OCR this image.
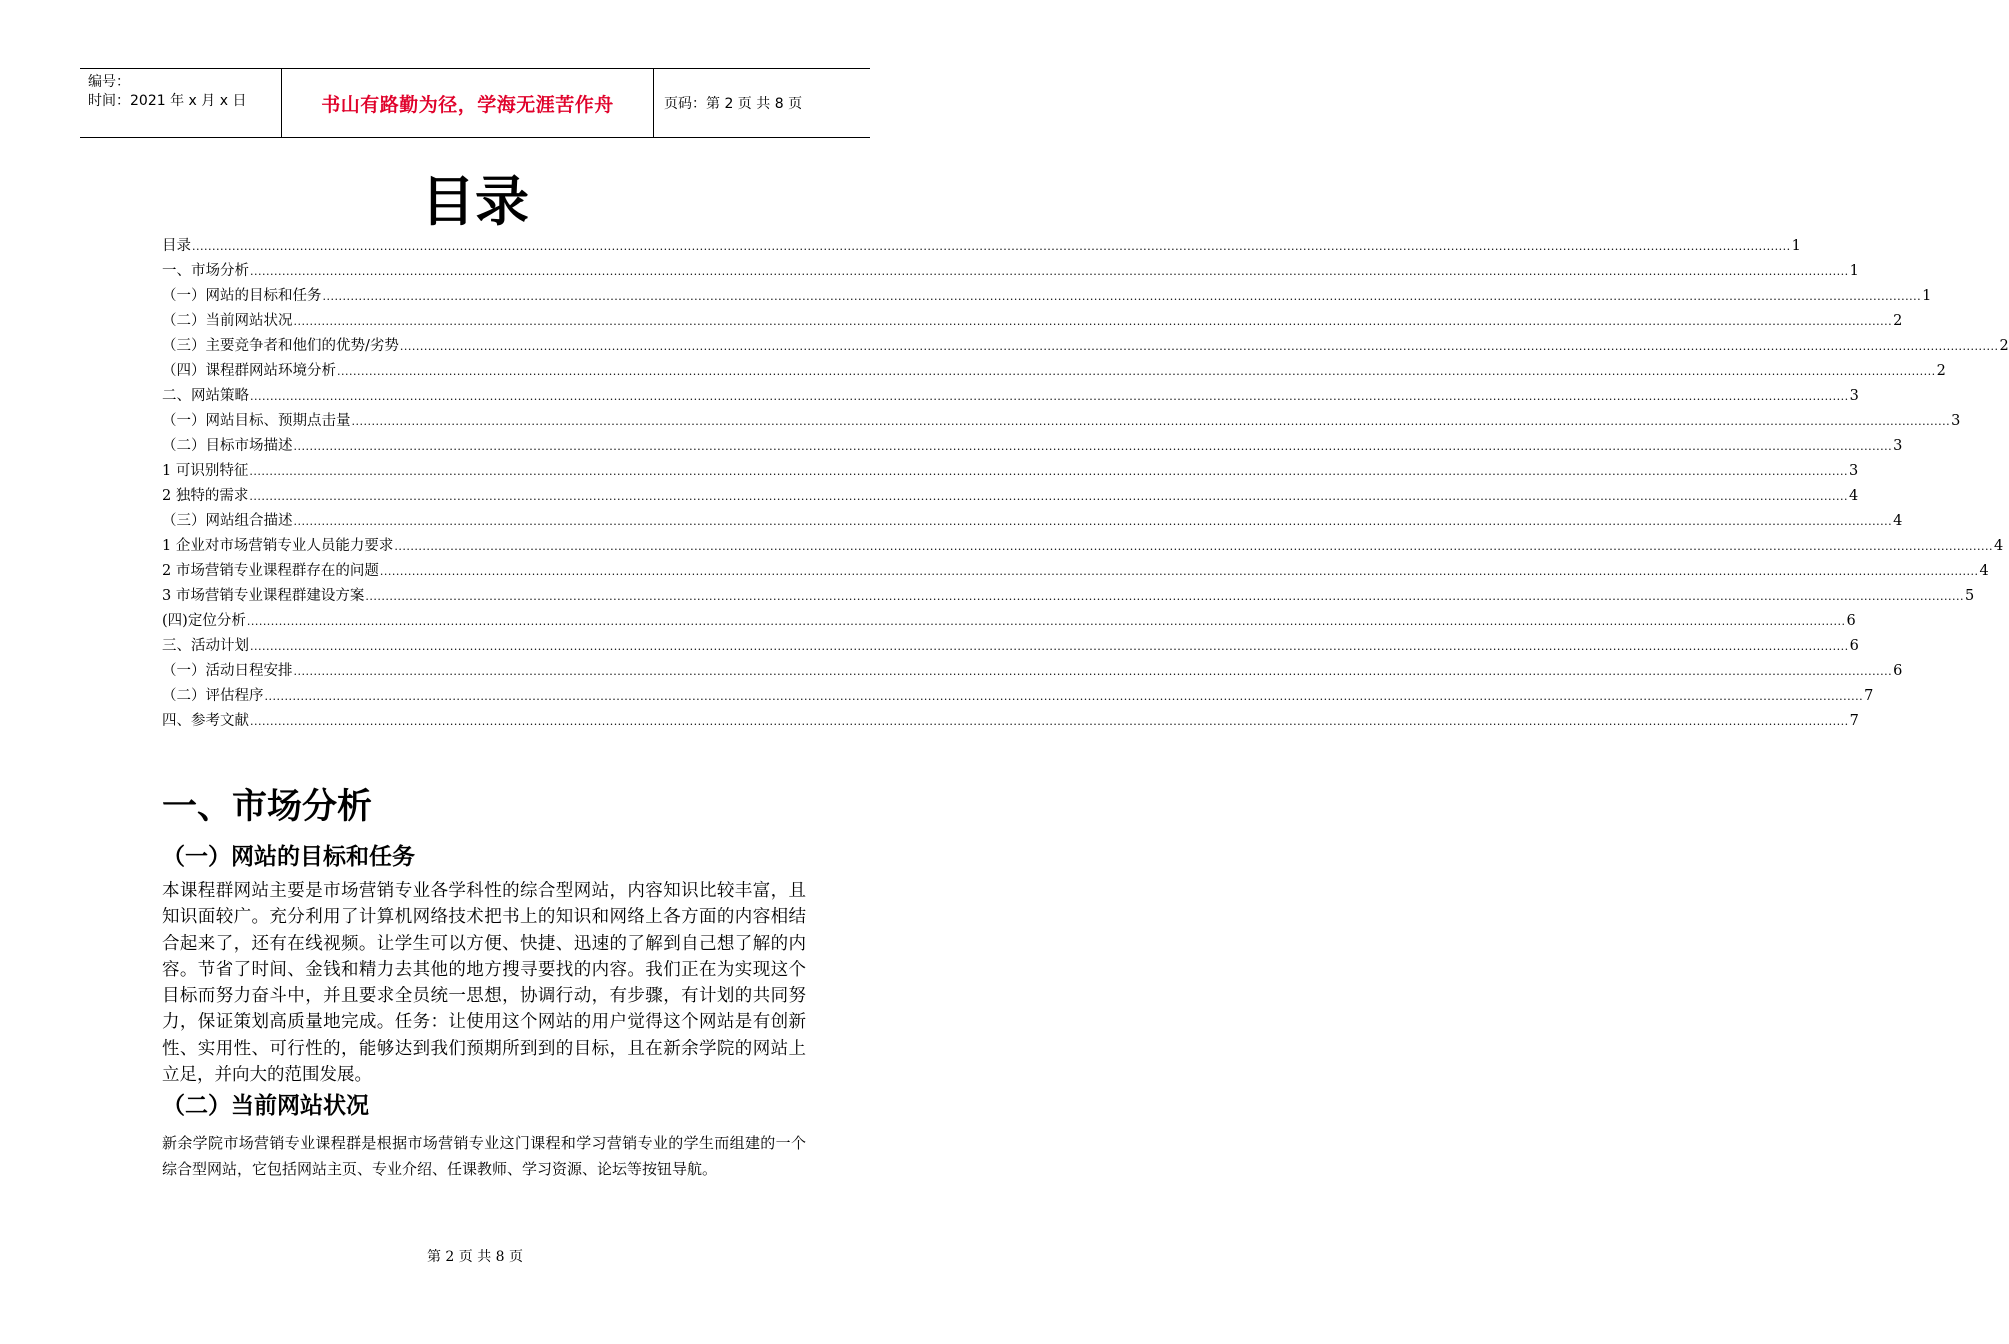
编号：
时间：2021 年 x 月 x 日	书山有路勤为径，学海无涯苦作舟	页码：第 2 页 共 8 页
目录
目录 ................................................................................................................................................................................................................................................................................................................................................................................................................ 1
一、市场分析 ................................................................................................................................................................................................................................................................................................................................................................................................................ 1
（一）网站的目标和任务 ................................................................................................................................................................................................................................................................................................................................................................................................................ 1
（二）当前网站状况 ................................................................................................................................................................................................................................................................................................................................................................................................................ 2
（三）主要竞争者和他们的优势/劣势 ................................................................................................................................................................................................................................................................................................................................................................................................................ 2
（四）课程群网站环境分析 ................................................................................................................................................................................................................................................................................................................................................................................................................ 2
二、网站策略 ................................................................................................................................................................................................................................................................................................................................................................................................................ 3
（一）网站目标、预期点击量 ................................................................................................................................................................................................................................................................................................................................................................................................................ 3
（二）目标市场描述 ................................................................................................................................................................................................................................................................................................................................................................................................................ 3
1 可识别特征 ................................................................................................................................................................................................................................................................................................................................................................................................................ 3
2 独特的需求 ................................................................................................................................................................................................................................................................................................................................................................................................................ 4
（三）网站组合描述 ................................................................................................................................................................................................................................................................................................................................................................................................................ 4
1 企业对市场营销专业人员能力要求 ................................................................................................................................................................................................................................................................................................................................................................................................................ 4
2 市场营销专业课程群存在的问题 ................................................................................................................................................................................................................................................................................................................................................................................................................ 4
3 市场营销专业课程群建设方案 ................................................................................................................................................................................................................................................................................................................................................................................................................ 5
(四)定位分析 ................................................................................................................................................................................................................................................................................................................................................................................................................ 6
三、活动计划 ................................................................................................................................................................................................................................................................................................................................................................................................................ 6
（一）活动日程安排 ................................................................................................................................................................................................................................................................................................................................................................................................................ 6
（二）评估程序 ................................................................................................................................................................................................................................................................................................................................................................................................................ 7
四、参考文献 ................................................................................................................................................................................................................................................................................................................................................................................................................ 7
一、市场分析
（一）网站的目标和任务
本课程群网站主要是市场营销专业各学科性的综合型网站，内容知识比较丰富，且知识面较广。充分利用了计算机网络技术把书上的知识和网络上各方面的内容相结合起来了，还有在线视频。让学生可以方便、快捷、迅速的了解到自己想了解的内容。节省了时间、金钱和精力去其他的地方搜寻要找的内容。我们正在为实现这个目标而努力奋斗中，并且要求全员统一思想，协调行动，有步骤，有计划的共同努力，保证策划高质量地完成。任务：让使用这个网站的用户觉得这个网站是有创新性、实用性、可行性的，能够达到我们预期所到到的目标，且在新余学院的网站上立足，并向大的范围发展。
（二）当前网站状况
新余学院市场营销专业课程群是根据市场营销专业这门课程和学习营销专业的学生而组建的一个综合型网站，它包括网站主页、专业介绍、任课教师、学习资源、论坛等按钮导航。
第 2 页 共 8 页
